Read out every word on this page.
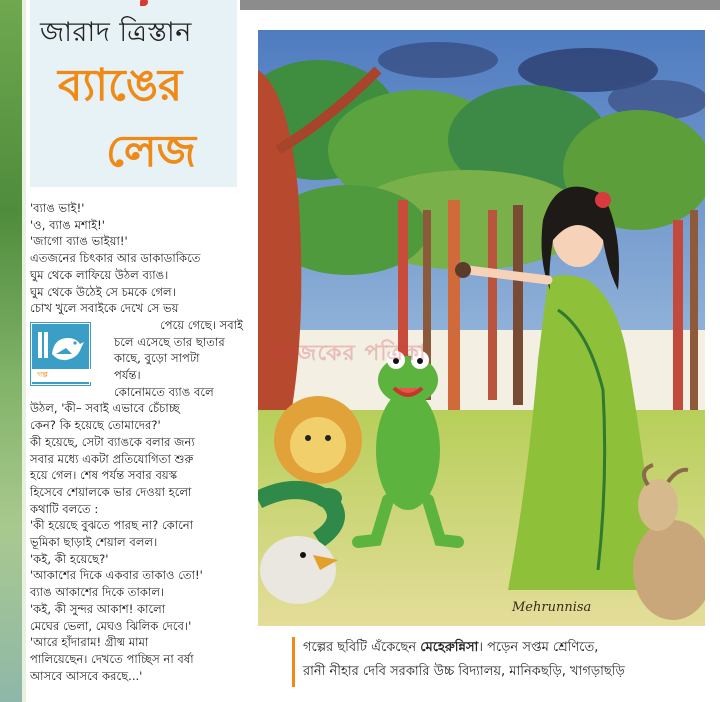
জারাদ ত্রিস্তান
ব্যাঙের
লেজ
'ব্যাঙ ভাই!'
'ও, ব্যাঙ মশাই!'
'জাগো ব্যাঙ ভাইয়া!'
এতজনের চিৎকার আর ডাকাডাকিতে
ঘুম থেকে লাফিয়ে উঠল ব্যাঙ।
ঘুম থেকে উঠেই সে চমকে গেল।
চোখ খুলে সবাইকে দেখে সে ভয়
পেয়ে গেছে। সবাই
চলে এসেছে তার ছাতার
কাছে, বুড়ো সাপটা
পর্যন্ত।
কোনোমতে ব্যাঙ বলে
উঠল, 'কী– সবাই এভাবে চেঁচাচ্ছ
কেন? কি হয়েছে তোমাদের?'
কী হয়েছে, সেটা ব্যাঙকে বলার জন্য
সবার মধ্যে একটা প্রতিযোগিতা শুরু
হয়ে গেল। শেষ পর্যন্ত সবার বয়স্ক
হিসেবে শেয়ালকে ভার দেওয়া হলো
কথাটি বলতে :
'কী হয়েছে বুঝতে পারছ না? কোনো
ভূমিকা ছাড়াই শেয়াল বলল।
'কই, কী হয়েছে?'
'আকাশের দিকে একবার তাকাও তো!'
ব্যাঙ আকাশের দিকে তাকাল।
'কই, কী সুন্দর আকাশ! কালো
মেঘের ভেলা, মেঘও ঝিলিক দেবে।'
'আরে হাঁদারাম! গ্রীষ্ম মামা
পালিয়েছেন। দেখতে পাচ্ছিস না বর্ষা
আসবে আসবে করছে...'
গল্প
আজকের পত্রিকা
Mehrunnisa
গল্পের ছবিটি এঁকেছেন মেহেরুন্নিসা। পড়েন সপ্তম শ্রেণিতে,
রানী নীহার দেবি সরকারি উচ্চ বিদ্যালয়, মানিকছড়ি, খাগড়াছড়ি
